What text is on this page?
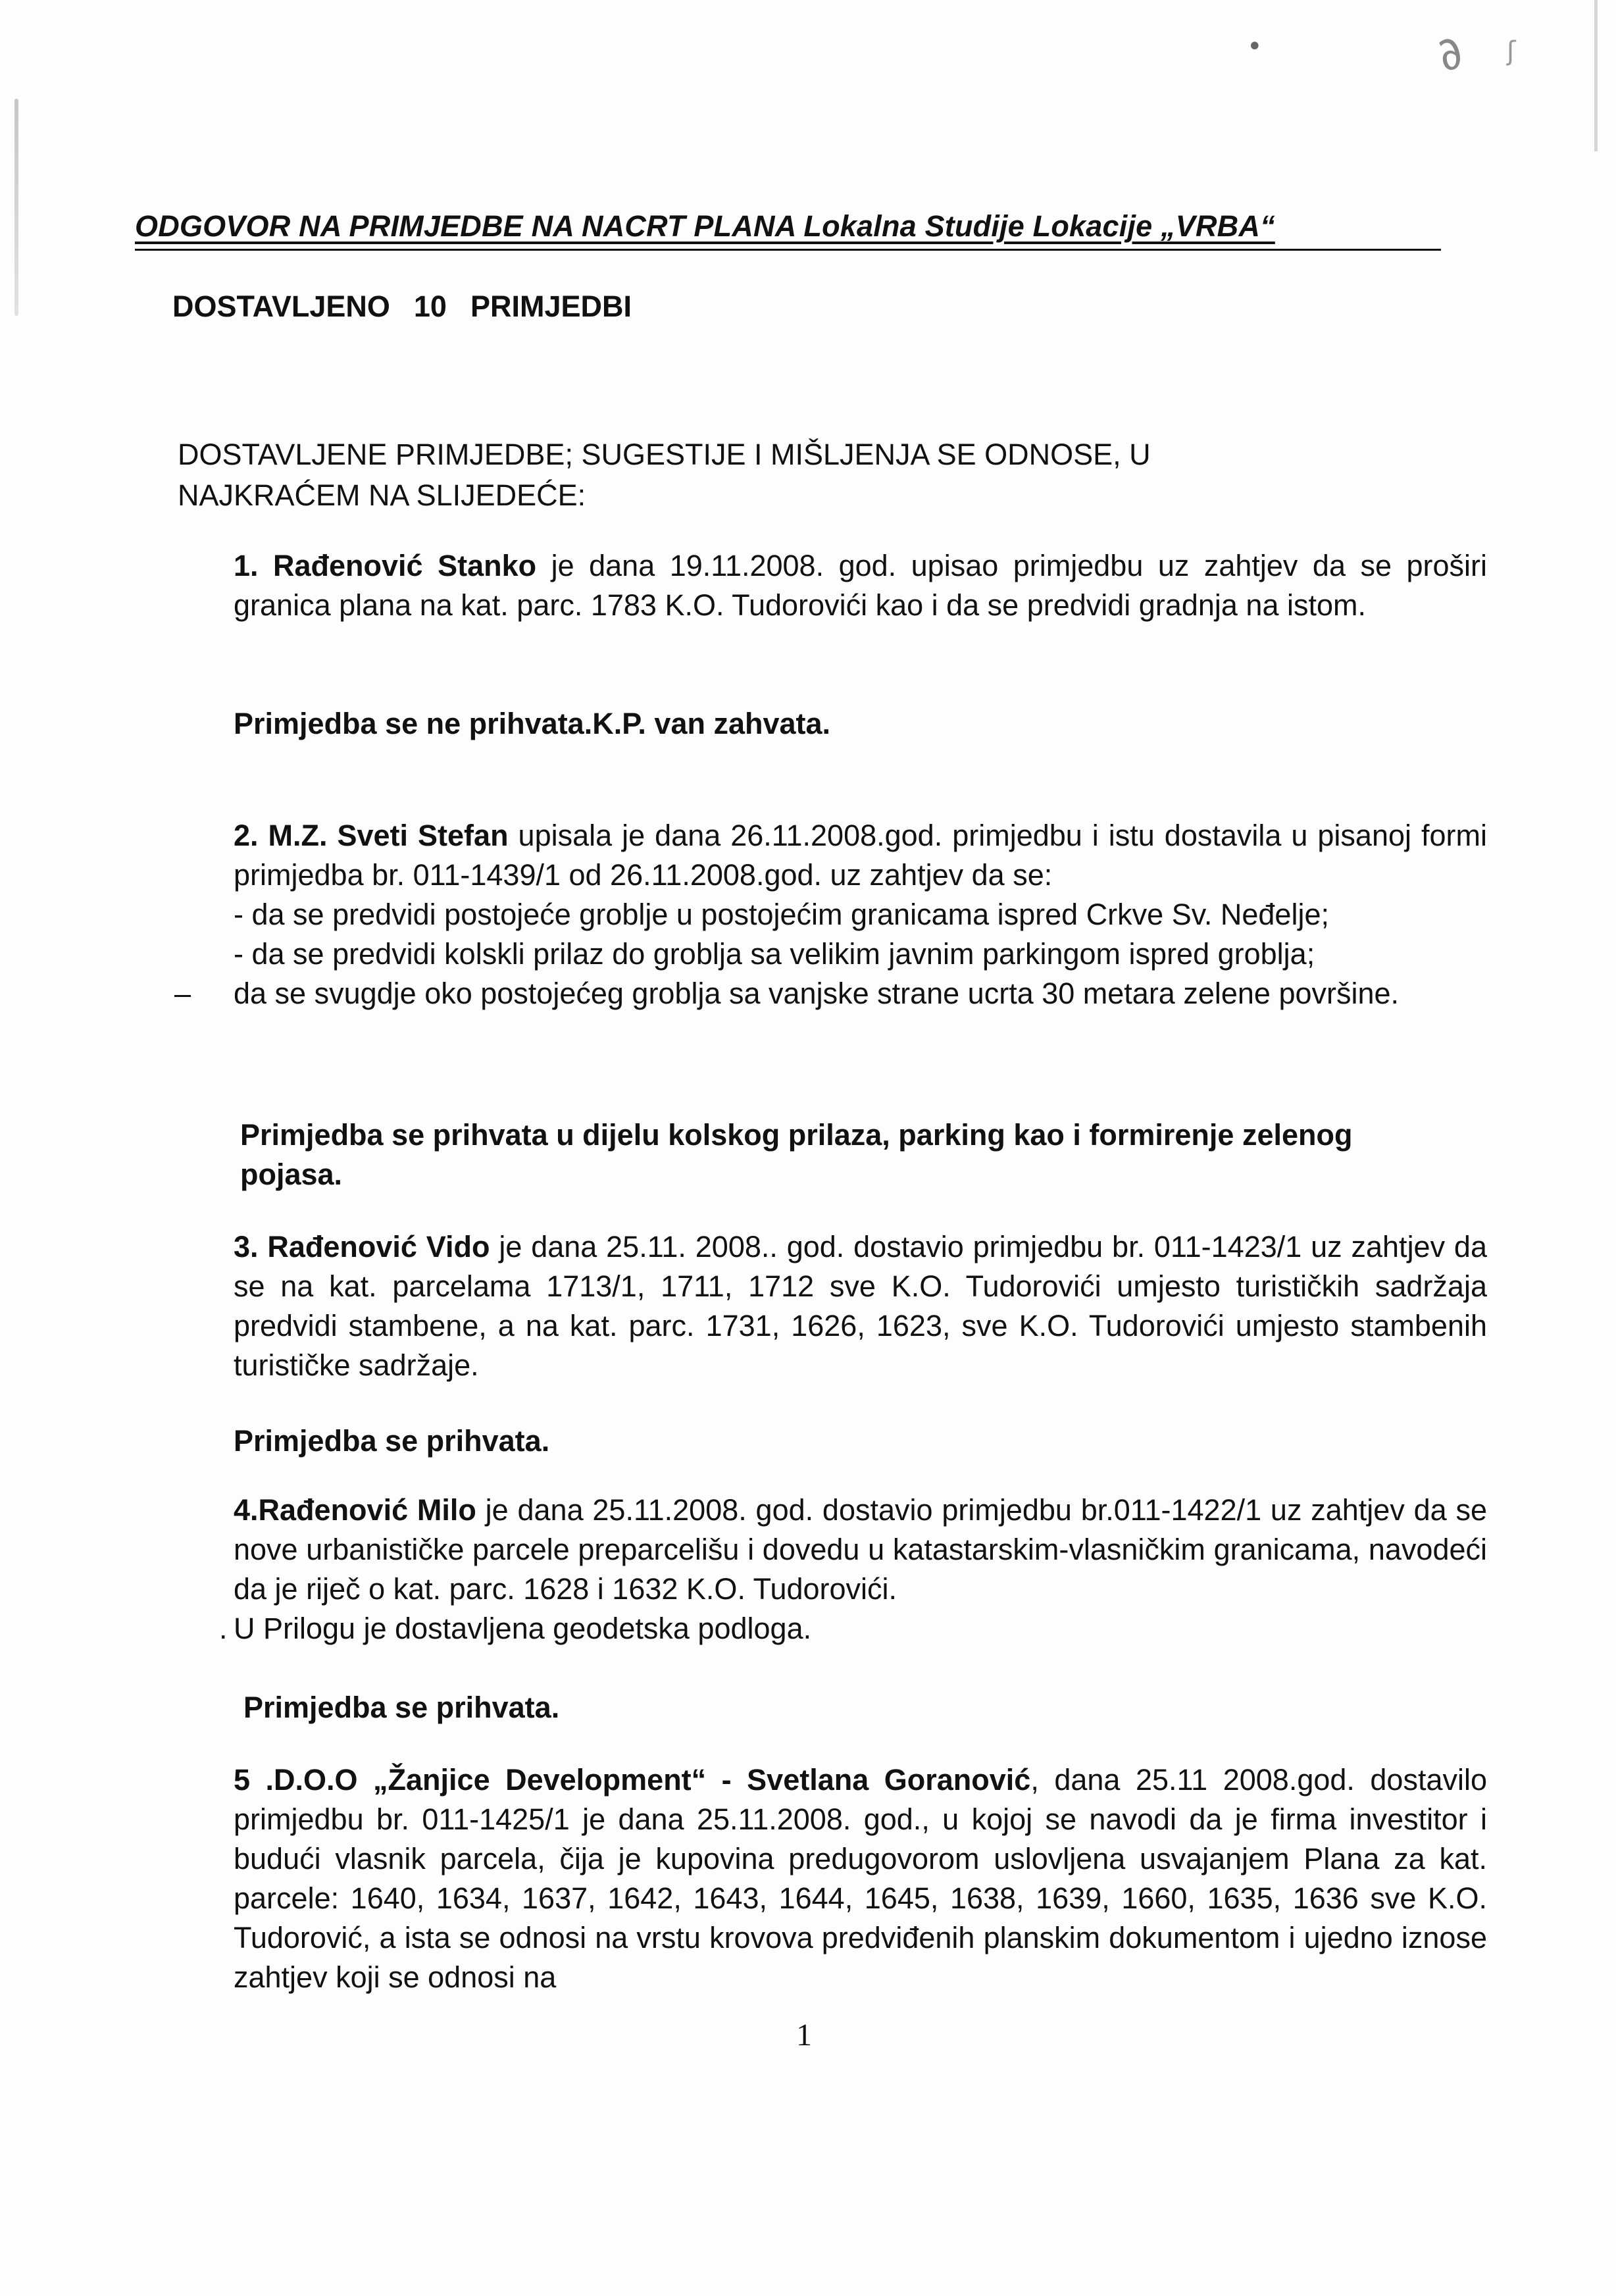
•	∂ ʃ
ODGOVOR NA PRIMJEDBE NA NACRT PLANA Lokalna Studije Lokacije „VRBA“
DOSTAVLJENO 10 PRIMJEDBI

DOSTAVLJENE PRIMJEDBE; SUGESTIJE I MIŠLJENJA SE ODNOSE, U NAJKRAĆEM NA SLIJEDEĆE:

1. Rađenović Stanko je dana 19.11.2008. god. upisao primjedbu uz zahtjev da se proširi granica plana na kat. parc. 1783 K.O. Tudorovići kao i da se predvidi gradnja na istom.

Primjedba se ne prihvata.K.P. van zahvata.

2. M.Z. Sveti Stefan upisala je dana 26.11.2008.god. primjedbu i istu dostavila u pisanoj formi primjedba br. 011-1439/1 od 26.11.2008.god. uz zahtjev da se:

- da se predvidi postojeće groblje u postojećim granicama ispred Crkve Sv. Neđelje;

- da se predvidi kolskli prilaz do groblja sa velikim javnim parkingom ispred groblja;

– da se svugdje oko postojećeg groblja sa vanjske strane ucrta 30 metara zelene površine.

Primjedba se prihvata u dijelu kolskog prilaza, parking kao i formirenje zelenog pojasa.

3. Rađenović Vido je dana 25.11. 2008.. god. dostavio primjedbu br. 011-1423/1 uz zahtjev da se na kat. parcelama 1713/1, 1711, 1712 sve K.O. Tudorovići umjesto turističkih sadržaja predvidi stambene, a na kat. parc. 1731, 1626, 1623, sve K.O. Tudorovići umjesto stambenih turističke sadržaje.

Primjedba se prihvata.

4.Rađenović Milo je dana 25.11.2008. god. dostavio primjedbu br.011-1422/1 uz zahtjev da se nove urbanističke parcele preparcelišu i dovedu u katastarskim-vlasničkim granicama, navodeći da je riječ o kat. parc. 1628 i 1632 K.O. Tudorovići.

. U Prilogu je dostavljena geodetska podloga.

Primjedba se prihvata.

5 .D.O.O „Žanjice Development“ - Svetlana Goranović, dana 25.11 2008.god. dostavilo primjedbu br. 011-1425/1 je dana 25.11.2008. god., u kojoj se navodi da je firma investitor i budući vlasnik parcela, čija je kupovina predugovorom uslovljena usvajanjem Plana za kat. parcele: 1640, 1634, 1637, 1642, 1643, 1644, 1645, 1638, 1639, 1660, 1635, 1636 sve K.O. Tudorović, a ista se odnosi na vrstu krovova predviđenih planskim dokumentom i ujedno iznose zahtjev koji se odnosi na

1
